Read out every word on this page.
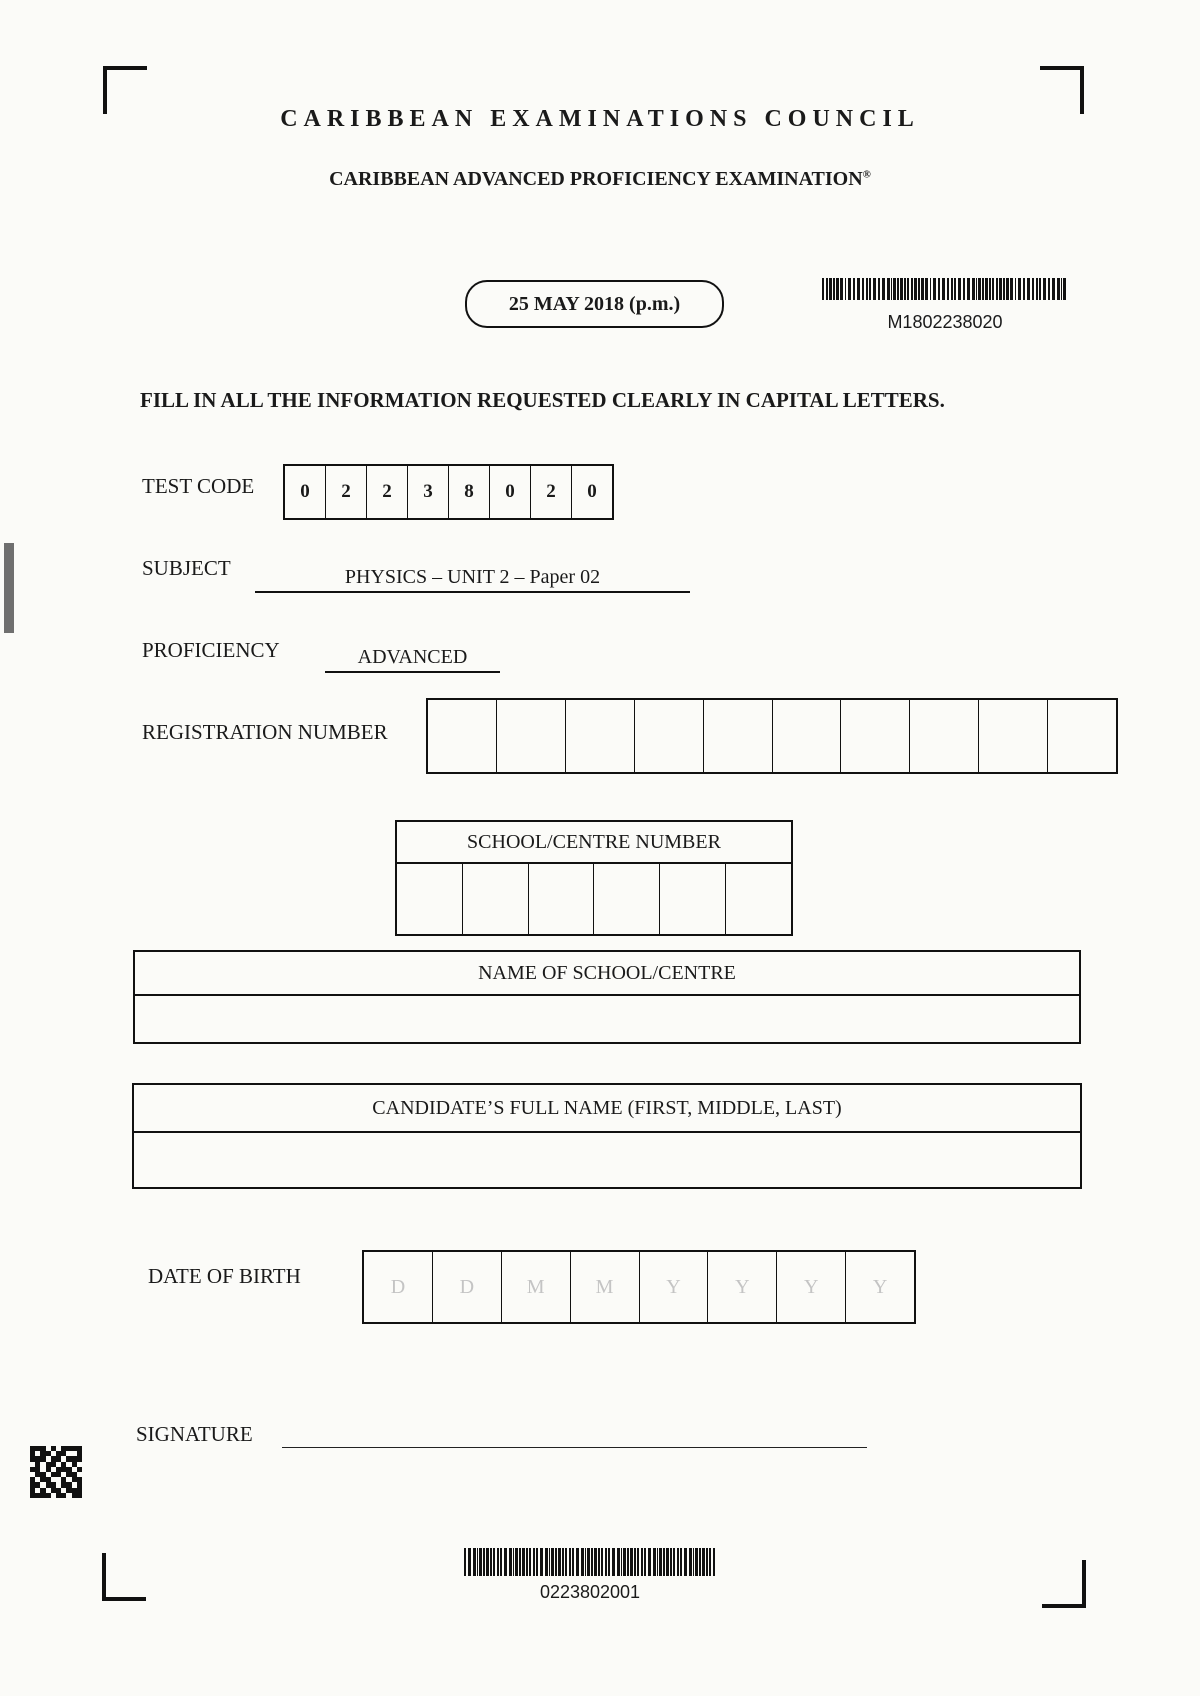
CARIBBEAN EXAMINATIONS COUNCIL
CARIBBEAN ADVANCED PROFICIENCY EXAMINATION®
25 MAY 2018 (p.m.)
M1802238020
FILL IN ALL THE INFORMATION REQUESTED CLEARLY IN CAPITAL LETTERS.
TEST CODE	0	2	2	3	8	0	2	0
SUBJECT	PHYSICS – UNIT 2 – Paper 02
PROFICIENCY	ADVANCED
REGISTRATION NUMBER
SCHOOL/CENTRE NUMBER
NAME OF SCHOOL/CENTRE
CANDIDATE’S FULL NAME (FIRST, MIDDLE, LAST)
DATE OF BIRTH	D	D	M	M	Y	Y	Y	Y
SIGNATURE
0223802001
